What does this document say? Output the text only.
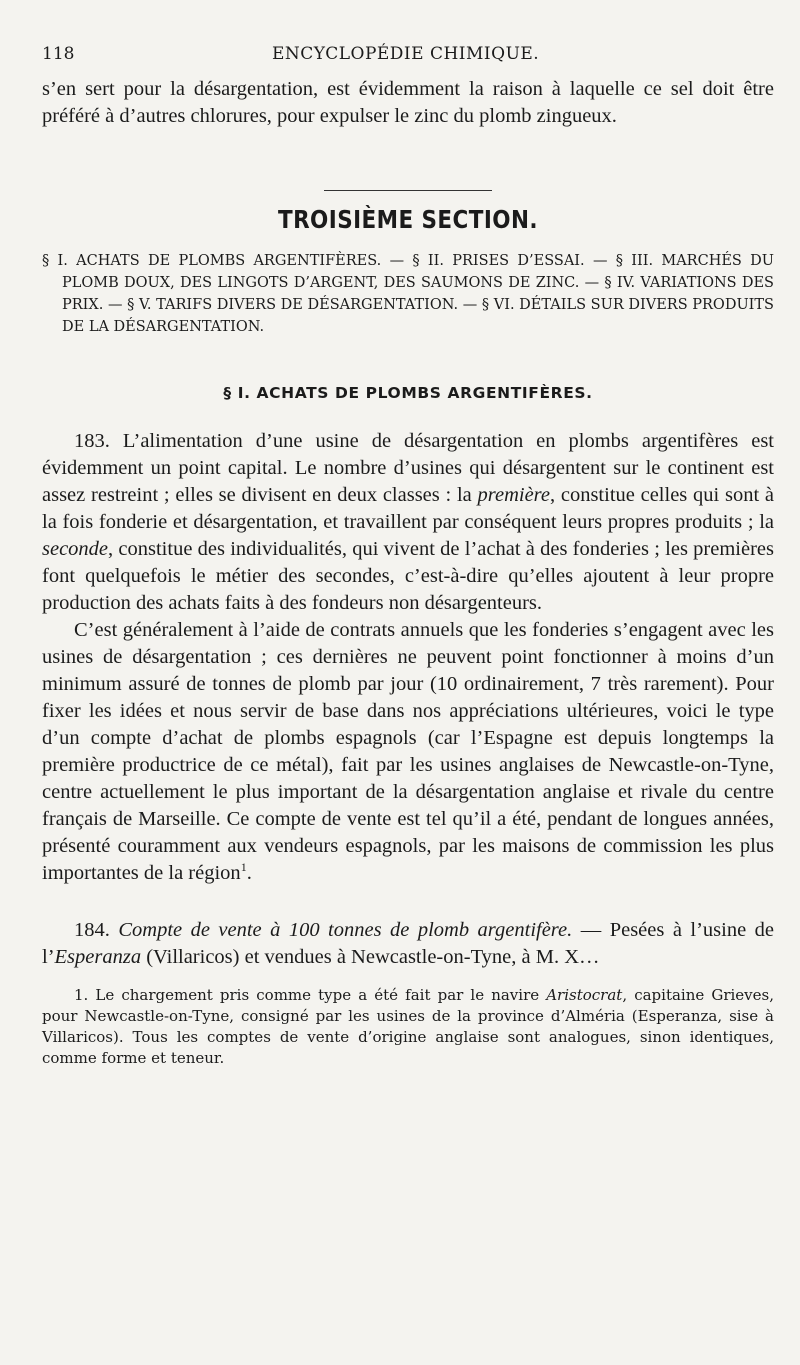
118	ENCYCLOPÉDIE CHIMIQUE.

s’en sert pour la désargentation, est évidemment la raison à laquelle ce sel doit être préféré à d’autres chlorures, pour expulser le zinc du plomb zingueux.

TROISIÈME SECTION.

§ I. ACHATS DE PLOMBS ARGENTIFÈRES. — § II. PRISES D’ESSAI. — § III. MARCHÉS DU PLOMB DOUX, DES LINGOTS D’ARGENT, DES SAUMONS DE ZINC. — § IV. VARIATIONS DES PRIX. — § V. TARIFS DIVERS DE DÉSARGENTATION. — § VI. DÉTAILS SUR DIVERS PRODUITS DE LA DÉSARGENTATION.

§ I. ACHATS DE PLOMBS ARGENTIFÈRES.

183. L’alimentation d’une usine de désargentation en plombs argentifères est évidemment un point capital. Le nombre d’usines qui désargentent sur le continent est assez restreint ; elles se divisent en deux classes : la première, constitue celles qui sont à la fois fonderie et désargentation, et travaillent par conséquent leurs propres produits ; la seconde, constitue des individualités, qui vivent de l’achat à des fonderies ; les premières font quelquefois le métier des secondes, c’est-à-dire qu’elles ajoutent à leur propre production des achats faits à des fondeurs non désargenteurs.

C’est généralement à l’aide de contrats annuels que les fonderies s’engagent avec les usines de désargentation ; ces dernières ne peuvent point fonctionner à moins d’un minimum assuré de tonnes de plomb par jour (10 ordinairement, 7 très rarement). Pour fixer les idées et nous servir de base dans nos appréciations ultérieures, voici le type d’un compte d’achat de plombs espagnols (car l’Espagne est depuis longtemps la première productrice de ce métal), fait par les usines anglaises de Newcastle-on-Tyne, centre actuellement le plus important de la désargentation anglaise et rivale du centre français de Marseille. Ce compte de vente est tel qu’il a été, pendant de longues années, présenté couramment aux vendeurs espagnols, par les maisons de commission les plus importantes de la région$^1$.

184. Compte de vente à 100 tonnes de plomb argentifère. — Pesées à l’usine de l’Esperanza (Villaricos) et vendues à Newcastle-on-Tyne, à M. X…

1. Le chargement pris comme type a été fait par le navire Aristocrat, capitaine Grieves, pour Newcastle-on-Tyne, consigné par les usines de la province d’Alméria (Esperanza, sise à Villaricos). Tous les comptes de vente d’origine anglaise sont analogues, sinon identiques, comme forme et teneur.
